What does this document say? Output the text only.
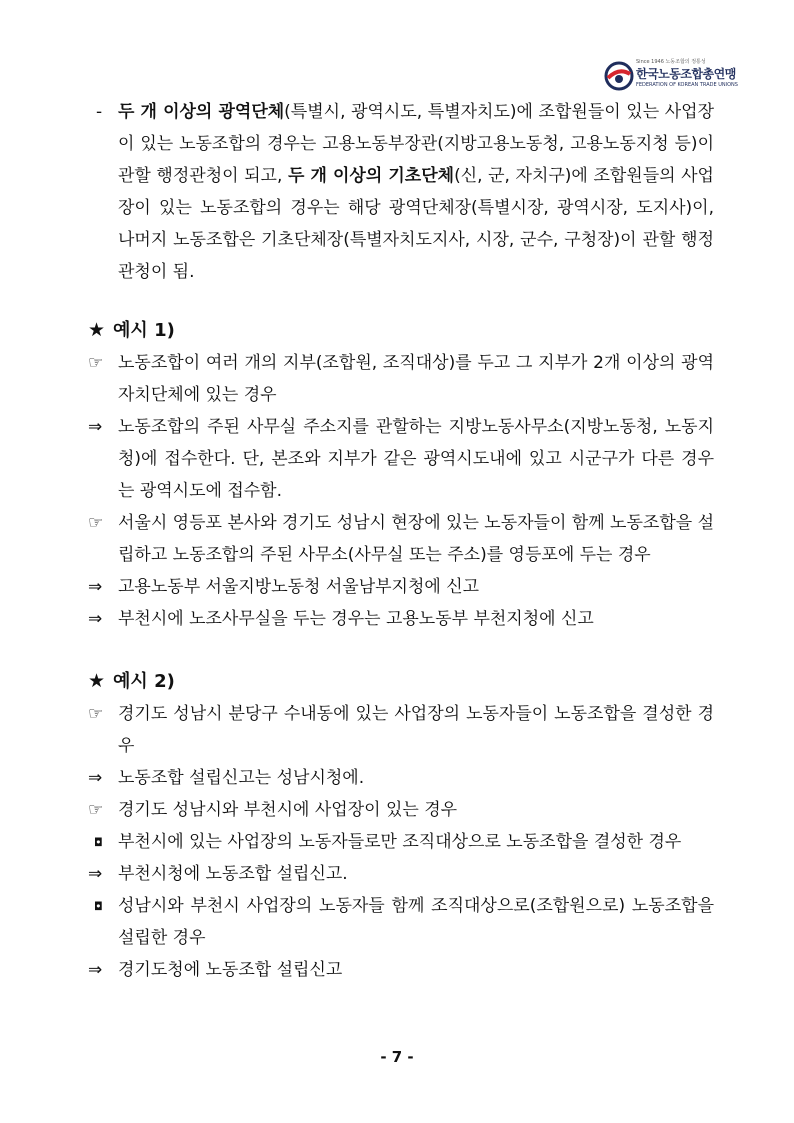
Since 1946 노동조합의 정통성
한국노동조합총연맹
FEDERATION OF KOREAN TRADE UNIONS
- 두 개 이상의 광역단체(특별시, 광역시도, 특별자치도)에 조합원들이 있는 사업장이 있는 노동조합의 경우는 고용노동부장관(지방고용노동청, 고용노동지청 등)이 관할 행정관청이 되고, 두 개 이상의 기초단체(신, 군, 자치구)에 조합원들의 사업장이 있는 노동조합의 경우는 해당 광역단체장(특별시장, 광역시장, 도지사)이, 나머지 노동조합은 기초단체장(특별자치도지사, 시장, 군수, 구청장)이 관할 행정관청이 됨.
★ 예시 1)
☞ 노동조합이 여러 개의 지부(조합원, 조직대상)를 두고 그 지부가 2개 이상의 광역자치단체에 있는 경우
⇒ 노동조합의 주된 사무실 주소지를 관할하는 지방노동사무소(지방노동청, 노동지청)에 접수한다. 단, 본조와 지부가 같은 광역시도내에 있고 시군구가 다른 경우는 광역시도에 접수함.
☞ 서울시 영등포 본사와 경기도 성남시 현장에 있는 노동자들이 함께 노동조합을 설립하고 노동조합의 주된 사무소(사무실 또는 주소)를 영등포에 두는 경우
⇒ 고용노동부 서울지방노동청 서울남부지청에 신고
⇒ 부천시에 노조사무실을 두는 경우는 고용노동부 부천지청에 신고
★ 예시 2)
☞ 경기도 성남시 분당구 수내동에 있는 사업장의 노동자들이 노동조합을 결성한 경우
⇒ 노동조합 설립신고는 성남시청에.
☞ 경기도 성남시와 부천시에 사업장이 있는 경우
◘ 부천시에 있는 사업장의 노동자들로만 조직대상으로 노동조합을 결성한 경우
⇒ 부천시청에 노동조합 설립신고.
◘ 성남시와 부천시 사업장의 노동자들 함께 조직대상으로(조합원으로) 노동조합을 설립한 경우
⇒ 경기도청에 노동조합 설립신고
- 7 -
